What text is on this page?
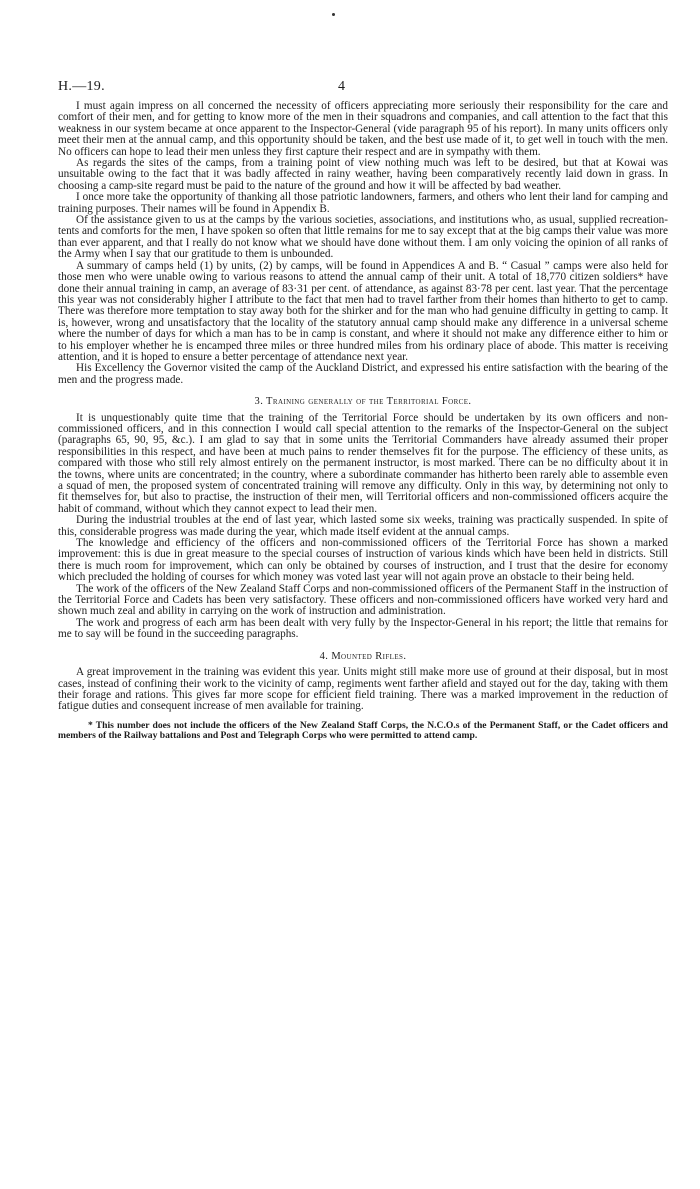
H.—19.	4

I must again impress on all concerned the necessity of officers appreciating more seriously their responsibility for the care and comfort of their men, and for getting to know more of the men in their squadrons and companies, and call attention to the fact that this weakness in our system became at once apparent to the Inspector-General (vide paragraph 95 of his report). In many units officers only meet their men at the annual camp, and this opportunity should be taken, and the best use made of it, to get well in touch with the men. No officers can hope to lead their men unless they first capture their respect and are in sympathy with them.

As regards the sites of the camps, from a training point of view nothing much was left to be desired, but that at Kowai was unsuitable owing to the fact that it was badly affected in rainy weather, having been comparatively recently laid down in grass. In choosing a camp-site regard must be paid to the nature of the ground and how it will be affected by bad weather.

I once more take the opportunity of thanking all those patriotic landowners, farmers, and others who lent their land for camping and training purposes. Their names will be found in Appendix B.

Of the assistance given to us at the camps by the various societies, associations, and institutions who, as usual, supplied recreation-tents and comforts for the men, I have spoken so often that little remains for me to say except that at the big camps their value was more than ever apparent, and that I really do not know what we should have done without them. I am only voicing the opinion of all ranks of the Army when I say that our gratitude to them is unbounded.

A summary of camps held (1) by units, (2) by camps, will be found in Appendices A and B. “ Casual ” camps were also held for those men who were unable owing to various reasons to attend the annual camp of their unit. A total of 18,770 citizen soldiers* have done their annual training in camp, an average of 83·31 per cent. of attendance, as against 83·78 per cent. last year. That the percentage this year was not considerably higher I attribute to the fact that men had to travel farther from their homes than hitherto to get to camp. There was therefore more temptation to stay away both for the shirker and for the man who had genuine difficulty in getting to camp. It is, however, wrong and unsatisfactory that the locality of the statutory annual camp should make any difference in a universal scheme where the number of days for which a man has to be in camp is constant, and where it should not make any difference either to him or to his employer whether he is encamped three miles or three hundred miles from his ordinary place of abode. This matter is receiving attention, and it is hoped to ensure a better percentage of attendance next year.

His Excellency the Governor visited the camp of the Auckland District, and expressed his entire satisfaction with the bearing of the men and the progress made.

3. Training generally of the Territorial Force.

It is unquestionably quite time that the training of the Territorial Force should be undertaken by its own officers and non-commissioned officers, and in this connection I would call special attention to the remarks of the Inspector-General on the subject (paragraphs 65, 90, 95, &c.). I am glad to say that in some units the Territorial Commanders have already assumed their proper responsibilities in this respect, and have been at much pains to render themselves fit for the purpose. The efficiency of these units, as compared with those who still rely almost entirely on the permanent instructor, is most marked. There can be no difficulty about it in the towns, where units are concentrated; in the country, where a subordinate commander has hitherto been rarely able to assemble even a squad of men, the proposed system of concentrated training will remove any difficulty. Only in this way, by determining not only to fit themselves for, but also to practise, the instruction of their men, will Territorial officers and non-commissioned officers acquire the habit of command, without which they cannot expect to lead their men.

During the industrial troubles at the end of last year, which lasted some six weeks, training was practically suspended. In spite of this, considerable progress was made during the year, which made itself evident at the annual camps.

The knowledge and efficiency of the officers and non-commissioned officers of the Territorial Force has shown a marked improvement: this is due in great measure to the special courses of instruction of various kinds which have been held in districts. Still there is much room for improvement, which can only be obtained by courses of instruction, and I trust that the desire for economy which precluded the holding of courses for which money was voted last year will not again prove an obstacle to their being held.

The work of the officers of the New Zealand Staff Corps and non-commissioned officers of the Permanent Staff in the instruction of the Territorial Force and Cadets has been very satisfactory. These officers and non-commissioned officers have worked very hard and shown much zeal and ability in carrying on the work of instruction and administration.

The work and progress of each arm has been dealt with very fully by the Inspector-General in his report; the little that remains for me to say will be found in the succeeding paragraphs.

4. Mounted Rifles.

A great improvement in the training was evident this year. Units might still make more use of ground at their disposal, but in most cases, instead of confining their work to the vicinity of camp, regiments went farther afield and stayed out for the day, taking with them their forage and rations. This gives far more scope for efficient field training. There was a marked improvement in the reduction of fatigue duties and consequent increase of men available for training.

* This number does not include the officers of the New Zealand Staff Corps, the N.C.O.s of the Permanent Staff, or the Cadet officers and members of the Railway battalions and Post and Telegraph Corps who were permitted to attend camp.
